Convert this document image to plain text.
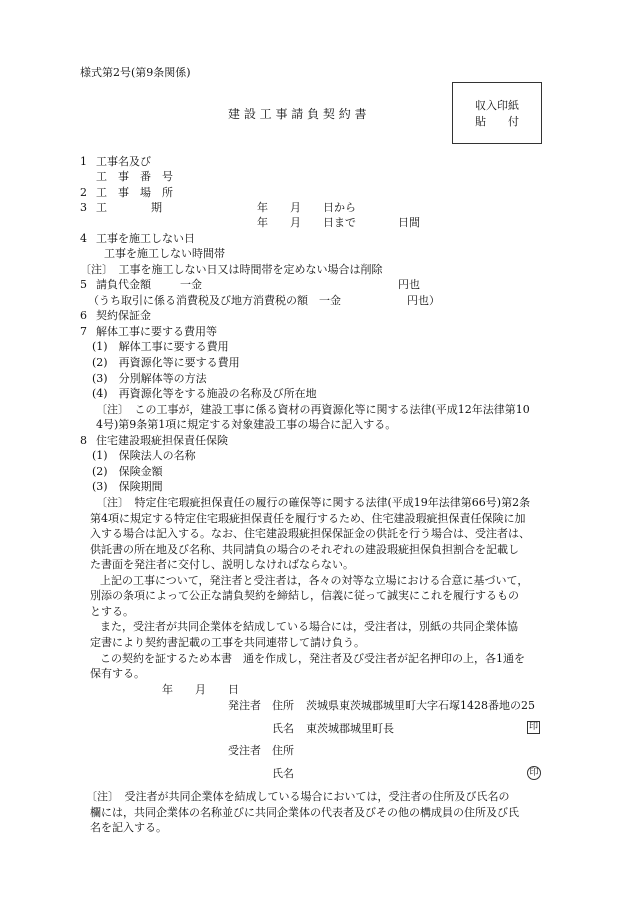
様式第2号(第9条関係)
収入印紙
貼　　付
建 設 工 事 請 負 契 約 書
1 工事名及び
工　事　番　号
2 工　事　場　所
3 工　　　　期	年　　月　　日から
年　　月　　日まで	日間
4 工事を施工しない日
工事を施工しない時間帯
〔注〕　工事を施工しない日又は時間帯を定めない場合は削除
5 請負代金額	一金	円也
（うち取引に係る消費税及び地方消費税の額　一金　　　　　　円也）
6 契約保証金
7 解体工事に要する費用等
(1)　解体工事に要する費用
(2)　再資源化等に要する費用
(3)　分別解体等の方法
(4)　再資源化等をする施設の名称及び所在地
〔注〕　この工事が，建設工事に係る資材の再資源化等に関する法律(平成12年法律第10
4号)第9条第1項に規定する対象建設工事の場合に記入する。
8 住宅建設瑕疵担保責任保険
(1)　保険法人の名称
(2)　保険金額
(3)　保険期間
〔注〕　特定住宅瑕疵担保責任の履行の確保等に関する法律(平成19年法律第66号)第2条
第4項に規定する特定住宅瑕疵担保責任を履行するため、住宅建設瑕疵担保責任保険に加
入する場合は記入する。なお、住宅建設瑕疵担保保証金の供託を行う場合は、受注者は、
供託書の所在地及び名称、共同請負の場合のそれぞれの建設瑕疵担保負担割合を記載し
た書面を発注者に交付し、説明しなければならない。
上記の工事について，発注者と受注者は，各々の対等な立場における合意に基づいて，
別添の条項によって公正な請負契約を締結し，信義に従って誠実にこれを履行するもの
とする。
また，受注者が共同企業体を結成している場合には，受注者は，別紙の共同企業体協
定書により契約書記載の工事を共同連帯して請け負う。
この契約を証するため本書　通を作成し，発注者及び受注者が記名押印の上，各1通を
保有する。
年　　月　　日
発注者 住所 茨城県東茨城郡城里町大字石塚1428番地の25
氏名 東茨城郡城里町長	印
受注者 住所
氏名	印
〔注〕　受注者が共同企業体を結成している場合においては，受注者の住所及び氏名の
欄には，共同企業体の名称並びに共同企業体の代表者及びその他の構成員の住所及び氏
名を記入する。
